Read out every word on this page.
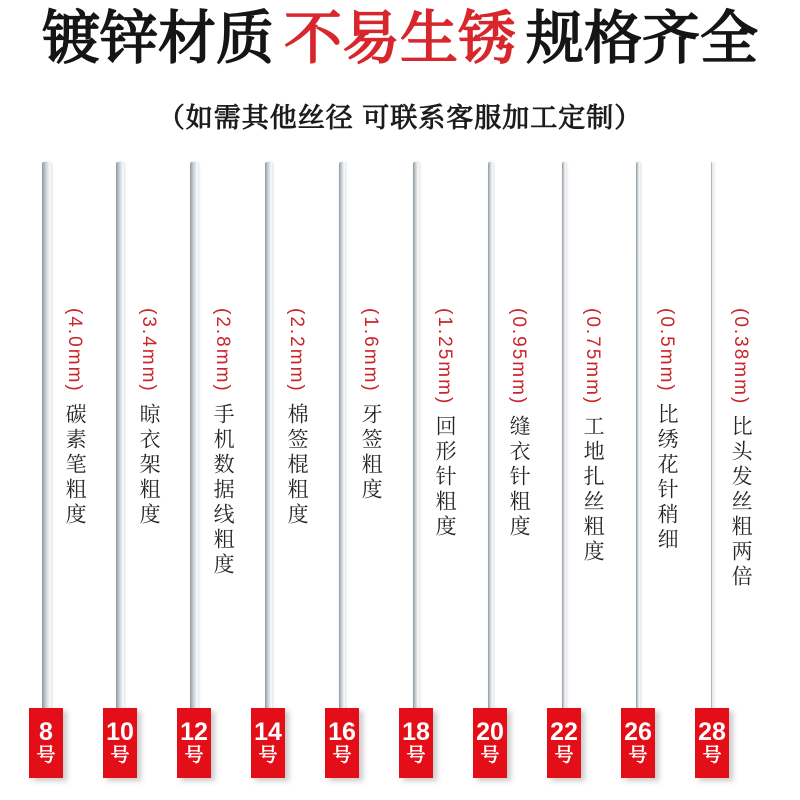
镀锌材质 不易生锈 规格齐全

（如需其他丝径 可联系客服加工定制）

(4.0mm)碳素笔粗度
8
号
(3.4mm)晾衣架粗度
10
号
(2.8mm)手机数据线粗度
12
号
(2.2mm)棉签棍粗度
14
号
(1.6mm)牙签粗度
16
号
(1.25mm)回形针粗度
18
号
(0.95mm)缝衣针粗度
20
号
(0.75mm)工地扎丝粗度
22
号
(0.5mm)比绣花针稍细
26
号
(0.38mm)比头发丝粗两倍
28
号
